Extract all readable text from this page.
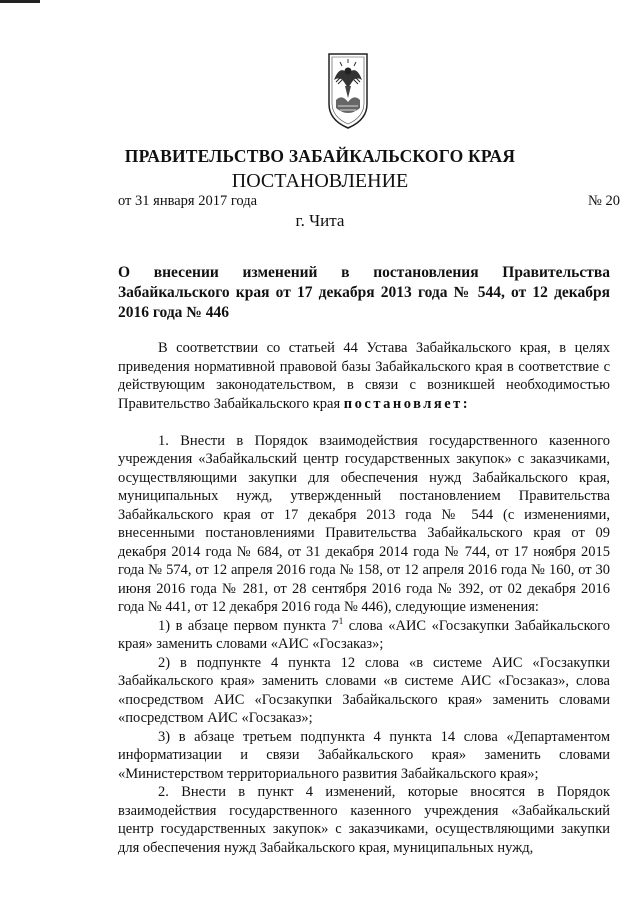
ПРАВИТЕЛЬСТВО ЗАБАЙКАЛЬСКОГО КРАЯ
ПОСТАНОВЛЕНИЕ
от 31 января 2017 года	№ 20
г. Чита
О внесении изменений в постановления Правительства Забайкальского края от 17 декабря 2013 года № 544, от 12 декабря 2016 года № 446

В соответствии со статьей 44 Устава Забайкальского края, в целях приведения нормативной правовой базы Забайкальского края в соответствие с действующим законодательством, в связи с возникшей необходимостью Правительство Забайкальского края постановляет:

1. Внести в Порядок взаимодействия государственного казенного учреждения «Забайкальский центр государственных закупок» с заказчиками, осуществляющими закупки для обеспечения нужд Забайкальского края, муниципальных нужд, утвержденный постановлением Правительства Забайкальского края от 17 декабря 2013 года № 544 (с изменениями, внесенными постановлениями Правительства Забайкальского края от 09 декабря 2014 года № 684, от 31 декабря 2014 года № 744, от 17 ноября 2015 года № 574, от 12 апреля 2016 года № 158, от 12 апреля 2016 года № 160, от 30 июня 2016 года № 281, от 28 сентября 2016 года № 392, от 02 декабря 2016 года № 441, от 12 декабря 2016 года № 446), следующие изменения:

1) в абзаце первом пункта $7^1$ слова «АИС «Госзакупки Забайкальского края» заменить словами «АИС «Госзаказ»;

2) в подпункте 4 пункта 12 слова «в системе АИС «Госзакупки Забайкальского края» заменить словами «в системе АИС «Госзаказ», слова «посредством АИС «Госзакупки Забайкальского края» заменить словами «посредством АИС «Госзаказ»;

3) в абзаце третьем подпункта 4 пункта 14 слова «Департаментом информатизации и связи Забайкальского края» заменить словами «Министерством территориального развития Забайкальского края»;

2. Внести в пункт 4 изменений, которые вносятся в Порядок взаимодействия государственного казенного учреждения «Забайкальский центр государственных закупок» с заказчиками, осуществляющими закупки для обеспечения нужд Забайкальского края, муниципальных нужд,
